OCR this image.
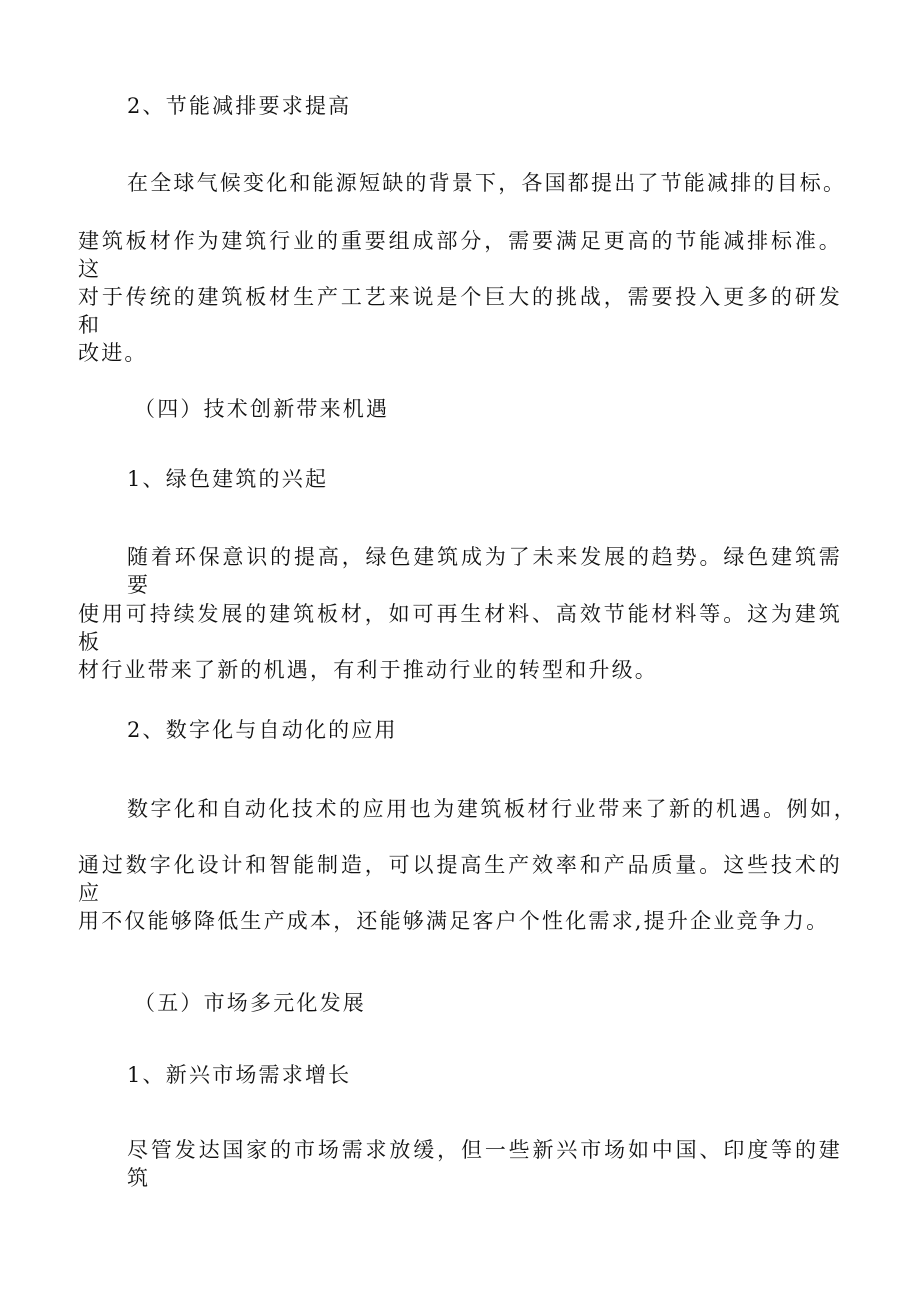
2、节能减排要求提高
在全球气候变化和能源短缺的背景下，各国都提出了节能减排的目标。
建筑板材作为建筑行业的重要组成部分，需要满足更高的节能减排标准。这
对于传统的建筑板材生产工艺来说是个巨大的挑战，需要投入更多的研发和
改进。
（四）技术创新带来机遇
1、绿色建筑的兴起
随着环保意识的提高，绿色建筑成为了未来发展的趋势。绿色建筑需要
使用可持续发展的建筑板材，如可再生材料、高效节能材料等。这为建筑板
材行业带来了新的机遇，有利于推动行业的转型和升级。
2、数字化与自动化的应用
数字化和自动化技术的应用也为建筑板材行业带来了新的机遇。例如，
通过数字化设计和智能制造，可以提高生产效率和产品质量。这些技术的应
用不仅能够降低生产成本，还能够满足客户个性化需求,提升企业竞争力。
（五）市场多元化发展
1、新兴市场需求增长
尽管发达国家的市场需求放缓，但一些新兴市场如中国、印度等的建筑
